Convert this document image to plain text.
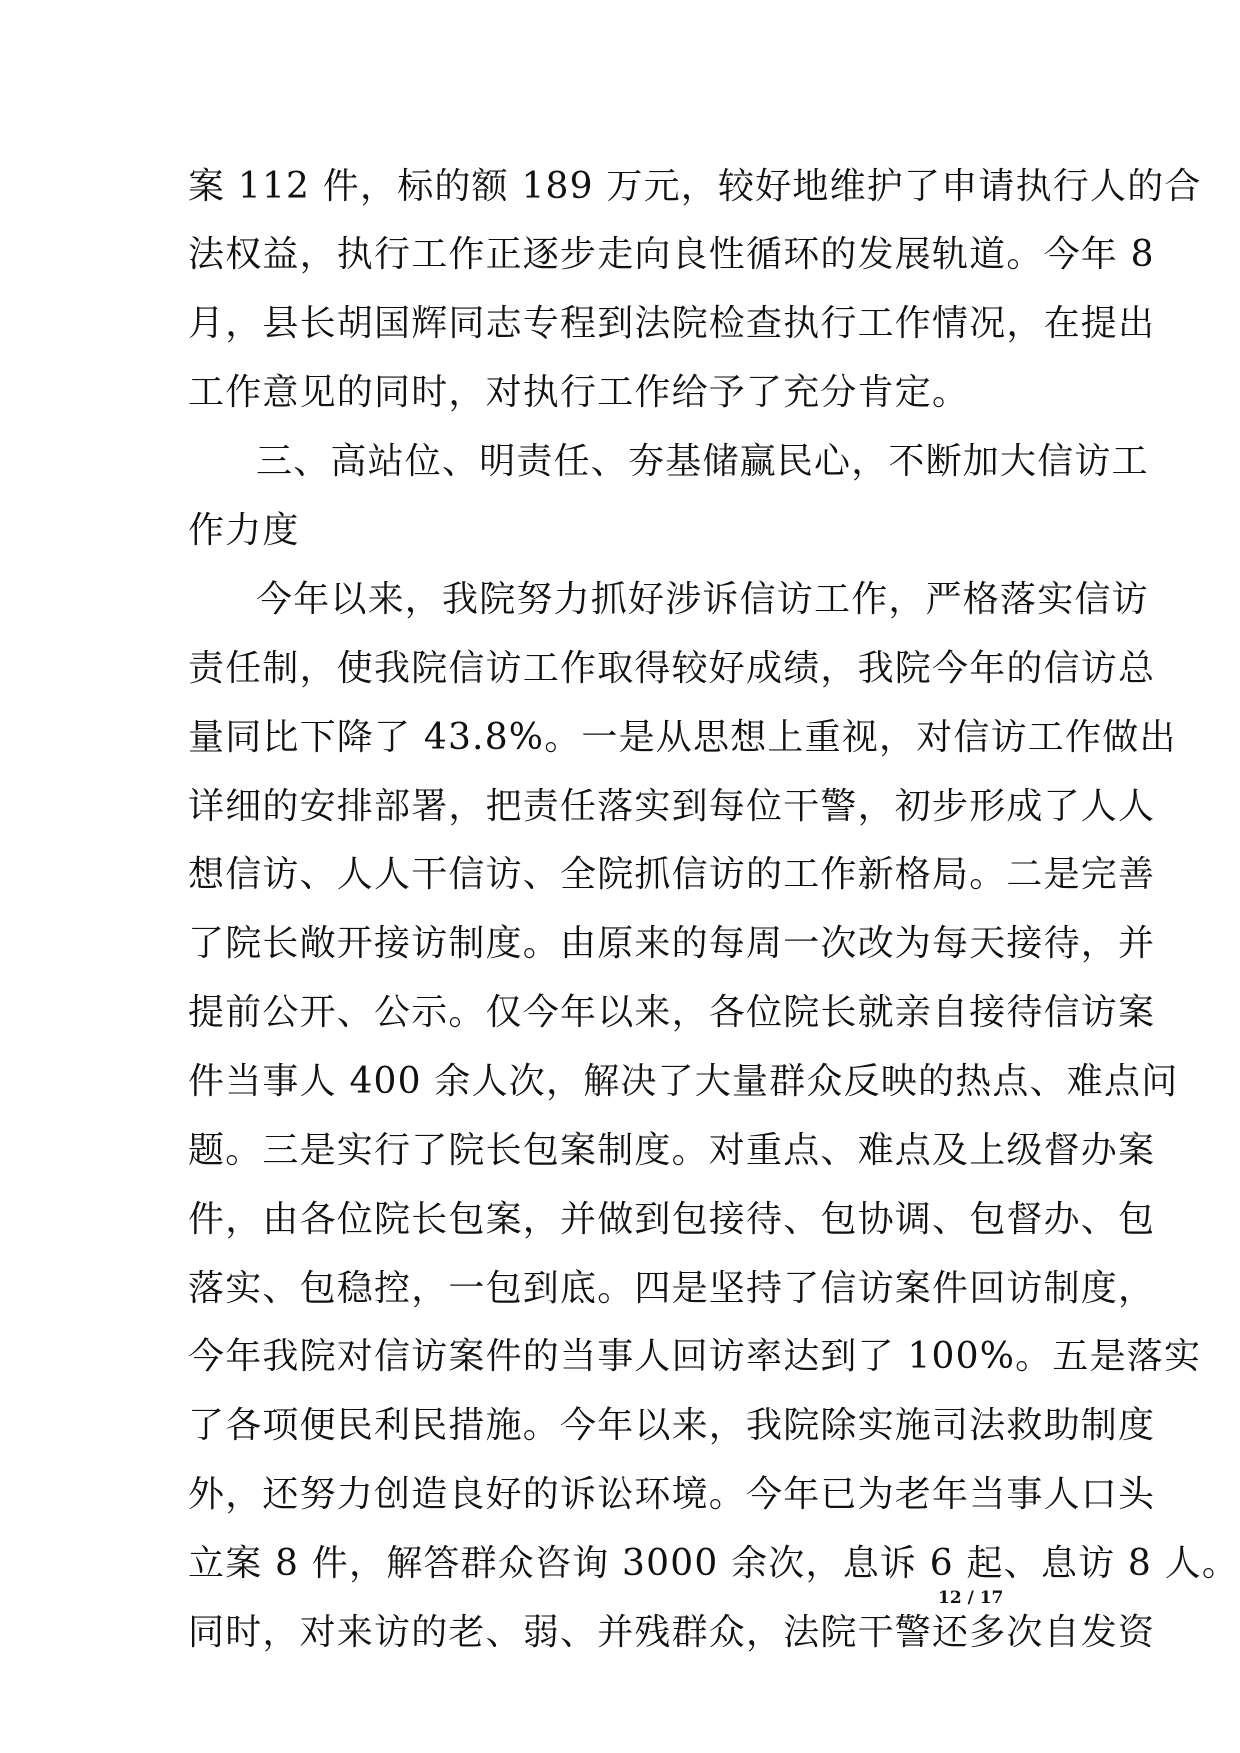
案 112 件，标的额 189 万元，较好地维护了申请执行人的合
法权益，执行工作正逐步走向良性循环的发展轨道。今年 8
月，县长胡国辉同志专程到法院检查执行工作情况，在提出
工作意见的同时，对执行工作给予了充分肯定。
三、高站位、明责任、夯基储赢民心，不断加大信访工
作力度
今年以来，我院努力抓好涉诉信访工作，严格落实信访
责任制，使我院信访工作取得较好成绩，我院今年的信访总
量同比下降了 43.8%。一是从思想上重视，对信访工作做出
详细的安排部署，把责任落实到每位干警，初步形成了人人
想信访、人人干信访、全院抓信访的工作新格局。二是完善
了院长敞开接访制度。由原来的每周一次改为每天接待，并
提前公开、公示。仅今年以来，各位院长就亲自接待信访案
件当事人 400 余人次，解决了大量群众反映的热点、难点问
题。三是实行了院长包案制度。对重点、难点及上级督办案
件，由各位院长包案，并做到包接待、包协调、包督办、包
落实、包稳控，一包到底。四是坚持了信访案件回访制度，
今年我院对信访案件的当事人回访率达到了 100%。五是落实
了各项便民利民措施。今年以来，我院除实施司法救助制度
外，还努力创造良好的诉讼环境。今年已为老年当事人口头
立案 8 件，解答群众咨询 3000 余次，息诉 6 起、息访 8 人。
同时，对来访的老、弱、并残群众，法院干警还多次自发资
12 / 17
